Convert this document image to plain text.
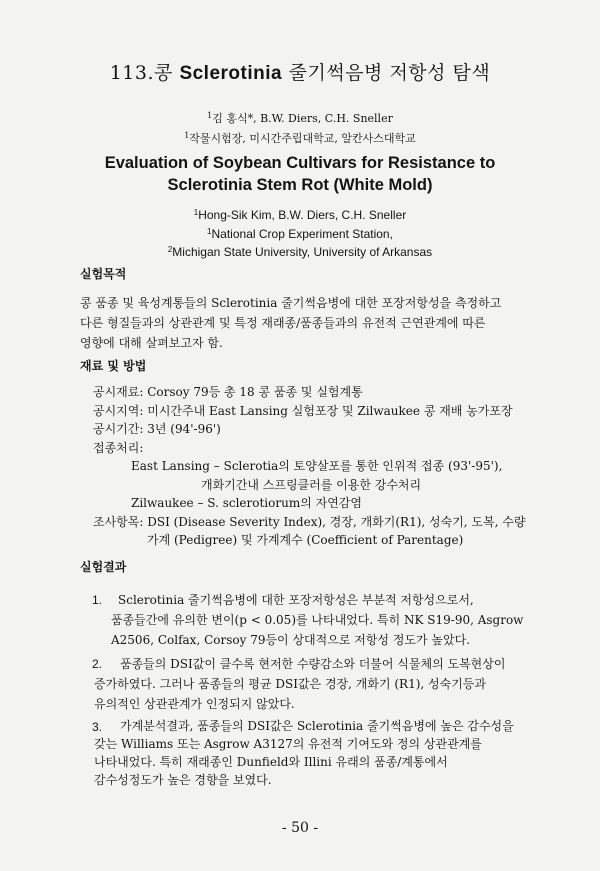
113.콩 Sclerotinia 줄기썩음병 저항성 탐색
$^1$김 홍식*, B.W. Diers, C.H. Sneller
$^1$작물시험장, 미시간주립대학교, 알칸사스대학교
Evaluation of Soybean Cultivars for Resistance to
Sclerotinia Stem Rot (White Mold)
$^1$Hong-Sik Kim, B.W. Diers, C.H. Sneller
$^1$National Crop Experiment Station,
$^2$Michigan State University, University of Arkansas
실험목적
콩 품종 및 육성계통들의 Sclerotinia 줄기썩음병에 대한 포장저항성을 측정하고
다른 형질들과의 상관관계 및 특정 재래종/품종들과의 유전적 근연관계에 따른
영향에 대해 살펴보고자 함.
재료 및 방법
공시재료: Corsoy 79등 총 18 콩 품종 및 실험계통
공시지역: 미시간주내 East Lansing 실험포장 및 Zilwaukee 콩 재배 농가포장
공시기간: 3년 (94'-96')
접종처리:
East Lansing – Sclerotia의 토양살포를 통한 인위적 접종 (93'-95'),
개화기간내 스프링클러를 이용한 강수처리
Zilwaukee – S. sclerotiorum의 자연감염
조사항목: DSI (Disease Severity Index), 경장, 개화기(R1), 성숙기, 도복, 수량
가계 (Pedigree) 및 가계계수 (Coefficient of Parentage)
실험결과
1. Sclerotinia 줄기썩음병에 대한 포장저항성은 부분적 저항성으로서,
품종들간에 유의한 변이(p < 0.05)를 나타내었다. 특히 NK S19-90, Asgrow
A2506, Colfax, Corsoy 79등이 상대적으로 저항성 정도가 높았다.
2. 품종들의 DSI값이 클수록 현저한 수량감소와 더불어 식물체의 도복현상이
증가하였다. 그러나 품종들의 평균 DSI값은 경장, 개화기 (R1), 성숙기등과
유의적인 상관관계가 인정되지 않았다.
3. 가계분석결과, 품종들의 DSI값은 Sclerotinia 줄기썩음병에 높은 감수성을
갖는 Williams 또는 Asgrow A3127의 유전적 기여도와 정의 상관관계를
나타내었다. 특히 재래종인 Dunfield와 Illini 유래의 품종/계통에서
감수성정도가 높은 경향을 보였다.
- 50 -
